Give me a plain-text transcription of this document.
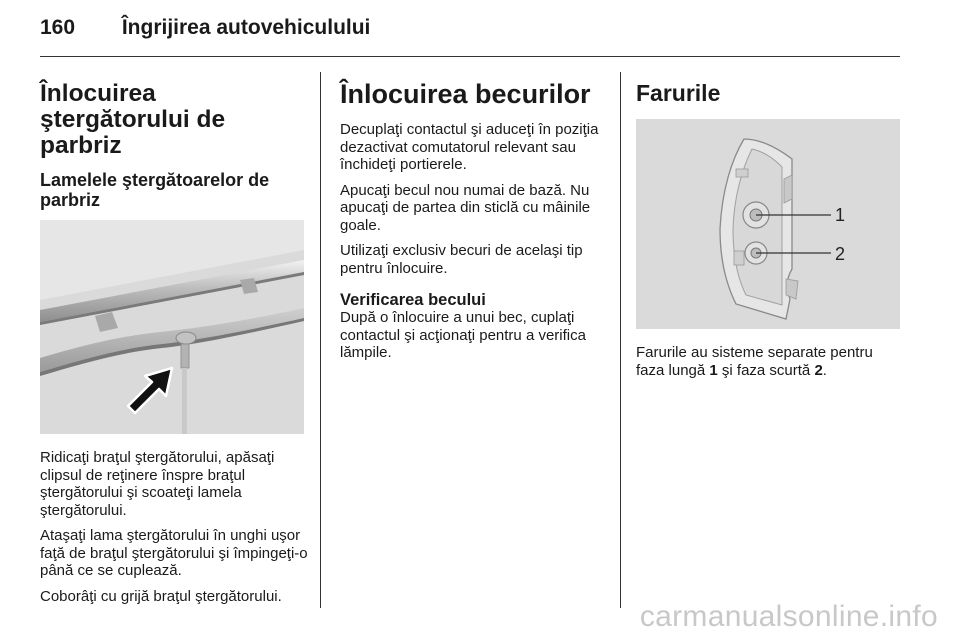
160 Îngrijirea autovehiculului
Înlocuirea ştergătorului de parbriz
Lamelele ştergătoarelor de parbriz

Ridicaţi braţul ştergătorului, apăsaţi clipsul de reţinere înspre braţul ştergătorului şi scoateţi lamela ştergătorului.

Ataşaţi lama ştergătorului în unghi uşor faţă de braţul ştergătorului şi împingeţi-o până ce se cuplează.

Coborâţi cu grijă braţul ştergătorului.

Înlocuirea becurilor

Decuplaţi contactul şi aduceţi în poziţia dezactivat comutatorul relevant sau închideţi portierele.

Apucaţi becul nou numai de bază. Nu apucaţi de partea din sticlă cu mâinile goale.

Utilizaţi exclusiv becuri de acelaşi tip pentru înlocuire.

Verificarea becului

După o înlocuire a unui bec, cuplaţi contactul şi acţionaţi pentru a verifica lămpile.

Farurile
1
2

Farurile au sisteme separate pentru faza lungă 1 şi faza scurtă 2.

carmanualsonline.info
